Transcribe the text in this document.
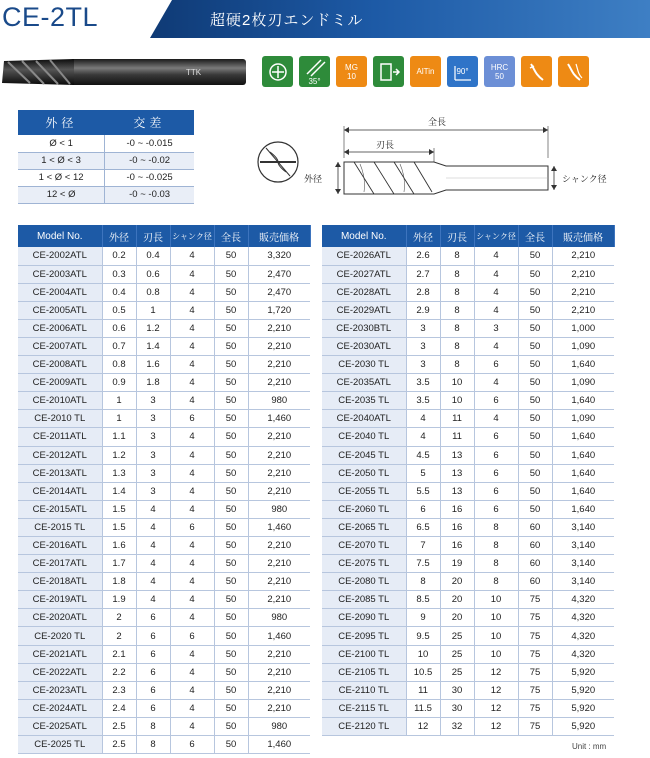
CE-2TL	超硬2枚刃エンドミル
TTK
35°
MG
10	AlTin	90°	HRC
50
外径	交差
Ø < 1	-0 ~ -0.015
1 < Ø < 3	-0 ~ -0.02
1 < Ø < 12	-0 ~ -0.025
12 < Ø	-0 ~ -0.03
全長
刃長
外径	シャンク径
Model No.	外径	刃長	シャンク径	全長	販売価格
CE-2002ATL	0.2	0.4	4	50	3,320
CE-2003ATL	0.3	0.6	4	50	2,470
CE-2004ATL	0.4	0.8	4	50	2,470
CE-2005ATL	0.5	1	4	50	1,720
CE-2006ATL	0.6	1.2	4	50	2,210
CE-2007ATL	0.7	1.4	4	50	2,210
CE-2008ATL	0.8	1.6	4	50	2,210
CE-2009ATL	0.9	1.8	4	50	2,210
CE-2010ATL	1	3	4	50	980
CE-2010 TL	1	3	6	50	1,460
CE-2011ATL	1.1	3	4	50	2,210
CE-2012ATL	1.2	3	4	50	2,210
CE-2013ATL	1.3	3	4	50	2,210
CE-2014ATL	1.4	3	4	50	2,210
CE-2015ATL	1.5	4	4	50	980
CE-2015 TL	1.5	4	6	50	1,460
CE-2016ATL	1.6	4	4	50	2,210
CE-2017ATL	1.7	4	4	50	2,210
CE-2018ATL	1.8	4	4	50	2,210
CE-2019ATL	1.9	4	4	50	2,210
CE-2020ATL	2	6	4	50	980
CE-2020 TL	2	6	6	50	1,460
CE-2021ATL	2.1	6	4	50	2,210
CE-2022ATL	2.2	6	4	50	2,210
CE-2023ATL	2.3	6	4	50	2,210
CE-2024ATL	2.4	6	4	50	2,210
CE-2025ATL	2.5	8	4	50	980
CE-2025 TL	2.5	8	6	50	1,460
Model No.	外径	刃長	シャンク径	全長	販売価格
CE-2026ATL	2.6	8	4	50	2,210
CE-2027ATL	2.7	8	4	50	2,210
CE-2028ATL	2.8	8	4	50	2,210
CE-2029ATL	2.9	8	4	50	2,210
CE-2030BTL	3	8	3	50	1,000
CE-2030ATL	3	8	4	50	1,090
CE-2030 TL	3	8	6	50	1,640
CE-2035ATL	3.5	10	4	50	1,090
CE-2035 TL	3.5	10	6	50	1,640
CE-2040ATL	4	11	4	50	1,090
CE-2040 TL	4	11	6	50	1,640
CE-2045 TL	4.5	13	6	50	1,640
CE-2050 TL	5	13	6	50	1,640
CE-2055 TL	5.5	13	6	50	1,640
CE-2060 TL	6	16	6	50	1,640
CE-2065 TL	6.5	16	8	60	3,140
CE-2070 TL	7	16	8	60	3,140
CE-2075 TL	7.5	19	8	60	3,140
CE-2080 TL	8	20	8	60	3,140
CE-2085 TL	8.5	20	10	75	4,320
CE-2090 TL	9	20	10	75	4,320
CE-2095 TL	9.5	25	10	75	4,320
CE-2100 TL	10	25	10	75	4,320
CE-2105 TL	10.5	25	12	75	5,920
CE-2110 TL	11	30	12	75	5,920
CE-2115 TL	11.5	30	12	75	5,920
CE-2120 TL	12	32	12	75	5,920
Unit : mm
